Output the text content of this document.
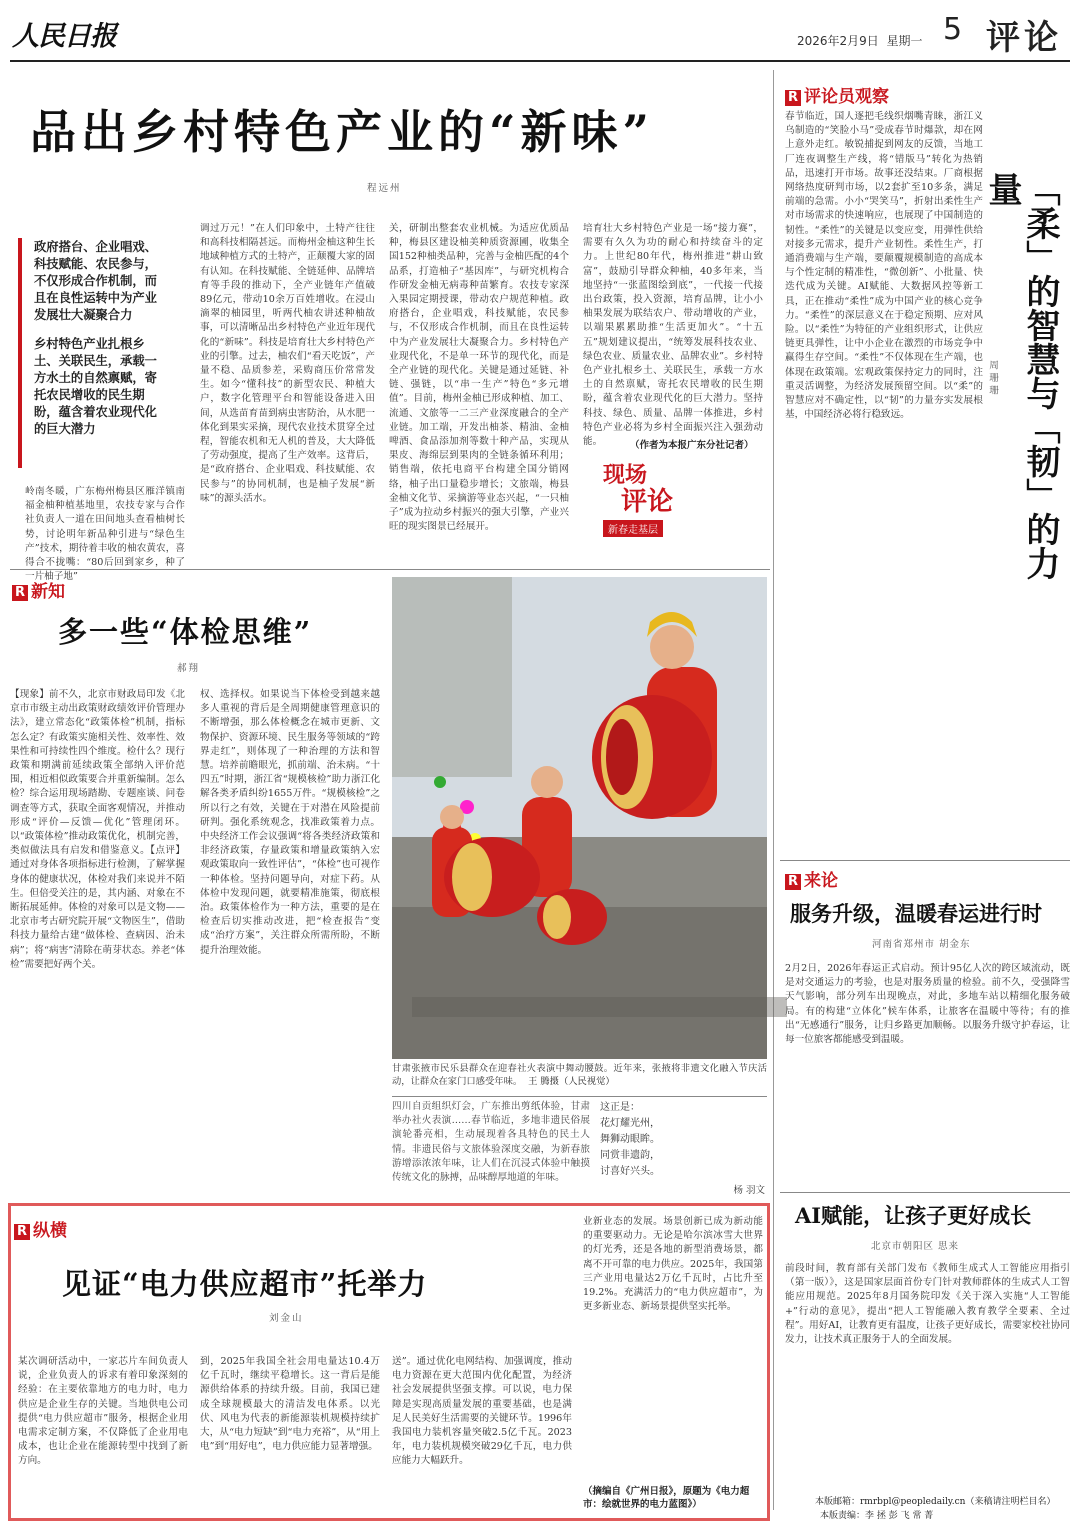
人民日报	2026年2月9日 星期一 5 评论
品出乡村特色产业的“新味”
程远州
政府搭台、企业唱戏、科技赋能、农民参与，不仅形成合作机制，而且在良性运转中为产业发展壮大凝聚合力
乡村特色产业扎根乡土、关联民生，承载一方水土的自然禀赋，寄托农民增收的民生期盼，蕴含着农业现代化的巨大潜力
岭南冬暖，广东梅州梅县区雁洋镇南福金柚种植基地里，农技专家与合作社负责人一道在田间地头查看柚树长势，讨论明年新品种引进与“绿色生产”技术，期待着丰收的柚农黄农，喜得合不拢嘴：“80后回到家乡，种了一片柚子地”
调过万元！”在人们印象中，土特产往往和高科技相隔甚远。而梅州金柚这种生长地域种植方式的土特产，正颠覆大家的固有认知。在科技赋能、全链延伸、品牌培育等手段的推动下，全产业链年产值破89亿元，带动10余万百姓增收。在浸山滴翠的柚园里，听两代柚农讲述种柚故事，可以清晰品出乡村特色产业近年现代化的“新味”。科技是培育壮大乡村特色产业的引擎。过去，柚农们“看天吃饭”，产量不稳、品质参差，采购商压价常常发生。如今“懂科技”的新型农民、种植大户，数字化管理平台和智能设备进入田间，从选苗育苗到病虫害防治，从水肥一体化到果实采摘，现代农业技术贯穿全过程，智能农机和无人机的普及，大大降低了劳动强度，提高了生产效率。这背后，是“政府搭台、企业唱戏、科技赋能、农民参与”的协同机制，也是柚子发展“新味”的源头活水。
关，研制出整套农业机械。为适应优质品种，梅县区建设柚美种质资源圃，收集全国152种柚类品种，完善与金柚匹配的4个品系，打造柚子“基因库”，与研究机构合作研发金柚无病毒种苗繁育。农技专家深入果园定期授课，带动农户规范种植。政府搭台，企业唱戏，科技赋能，农民参与，不仅形成合作机制，而且在良性运转中为产业发展壮大凝聚合力。乡村特色产业现代化，不是单一环节的现代化，而是全产业链的现代化。关键是通过延链、补链、强链，以“串一生产”特色“多元增值”。目前，梅州金柚已形成种植、加工、流通、文旅等一二三产业深度融合的全产业链。加工端，开发出柚茶、精油、金柚啤酒、食品添加剂等数十种产品，实现从果皮、海绵层到果肉的全链条循环利用；销售端，依托电商平台构建全国分销网络，柚子出口量稳步增长；文旅端，梅县金柚文化节、采摘游等业态兴起，“一只柚子”成为拉动乡村振兴的强大引擎，产业兴旺的现实图景已经展开。
培育壮大乡村特色产业是一场“接力赛”，需要有久久为功的耐心和持续奋斗的定力。上世纪80年代，梅州推进“耕山致富”，鼓励引导群众种柚，40多年来，当地坚持“一张蓝图绘到底”，一代接一代接出台政策，投入资源，培育品牌，让小小柚果发展为联结农户、带动增收的产业，以端果累累助推“生活更加火”。“十五五”规划建议提出，“统筹发展科技农业、绿色农业、质量农业、品牌农业”。乡村特色产业扎根乡土、关联民生，承载一方水土的自然禀赋，寄托农民增收的民生期盼，蕴含着农业现代化的巨大潜力。坚持科技、绿色、质量、品牌一体推进，乡村特色产业必将为乡村全面振兴注入强劲动能。	（作者为本报广东分社记者）
现场
评论
新春走基层
R 评论员观察
春节临近，国人逐把毛线织烟嘴青睐，浙江义乌制造的“笑脸小马”受成春节时爆款，却在网上意外走红。敏锐捕捉到网友的反馈，当地工厂连夜调整生产线，将“错版马”转化为热销品，迅速打开市场。故事还没结束。厂商根据网络热度研判市场，以2套扩至10多条，满足前端的急需。小小“哭笑马”，折射出柔性生产对市场需求的快速响应，也展现了中国制造的韧性。“柔性”的关键是以变应变，用弹性供给对接多元需求，提升产业韧性。柔性生产，打通消费端与生产端，要颠覆规模制造的高成本与个性定制的精准性，“微创新”、小批量、快迭代成为关键。AI赋能、大数据风控等新工具，正在推动“柔性”成为中国产业的核心竞争力。“柔性”的深层意义在于稳定预期、应对风险。以“柔性”为特征的产业组织形式，让供应链更具弹性，让中小企业在激烈的市场竞争中赢得生存空间。“柔性”不仅体现在生产端，也体现在政策端。宏观政策保持定力的同时，注重灵活调整，为经济发展预留空间。以“柔”的智慧应对不确定性，以“韧”的力量夯实发展根基，中国经济必将行稳致远。	「柔」的智慧与「韧」的力量
周珊珊
R 新知
多一些“体检思维”
郝翔
【现象】前不久，北京市财政局印发《北京市市级主动出政策财政绩效评价管理办法》，建立常态化“政策体检”机制，指标怎么定？有政策实施相关性、效率性、效果性和可持续性四个维度。检什么？现行政策和期满前延续政策全部纳入评价范围，相近相似政策要合并重新编制。怎么检？综合运用现场踏勘、专题座谈、问卷调查等方式，获取全面客观情况，并推动形成“评价—反馈—优化”管理闭环。以“政策体检”推动政策优化，机制完善，类似做法具有启发和借鉴意义。【点评】通过对身体各项指标进行检测，了解掌握身体的健康状况，体检对我们来说并不陌生。但倍受关注的是，其内涵、对象在不断拓展延伸。体检的对象可以是文物——北京市考古研究院开展“文物医生”，借助科技力量给古建“做体检、查病因、治未病”；将“病害”清除在萌芽状态。养老“体检”需要把好两个关。
权、选择权。如果说当下体检受到越来越多人重视的背后是全周期健康管理意识的不断增强，那么体检概念在城市更新、文物保护、资源环境、民生服务等领域的“跨界走红”，则体现了一种治理的方法和智慧。培养前瞻眼光，抓前端、治未病。“十四五”时期，浙江省“规模核检”助力浙江化解各类矛盾纠纷1655万件。“规模核检”之所以行之有效，关键在于对潜在风险提前研判。强化系统观念，找准政策着力点。中央经济工作会议强调“将各类经济政策和非经济政策，存量政策和增量政策纳入宏观政策取向一致性评估”，“体检”也可视作一种体检。坚持问题导向，对症下药。从体检中发现问题，就要精准施策，彻底根治。政策体检作为一种方法，重要的是在检查后切实推动改进，把“检查报告”变成“治疗方案”，关注群众所需所盼，不断提升治理效能。
甘肃张掖市民乐县群众在迎春社火表演中舞动腰鼓。近年来，张掖将非遗文化融入节庆活动，让群众在家门口感受年味。 王 腾摄（人民视觉）
四川自贡组织灯会，广东推出剪纸体验，甘肃举办社火表演……春节临近，多地非遗民俗展演轮番亮相，生动展现着各具特色的民土人情。非遗民俗与文旅体验深度交融，为新春旅游增添浓浓年味，让人们在沉浸式体验中触摸传统文化的脉搏，品味醇厚地道的年味。
这正是：
花灯耀光州，
舞狮动眼眸。
同赏非遗韵，
讨喜好兴头。
杨 羽文
R 纵横
见证“电力供应超市”托举力
刘金山
某次调研活动中，一家芯片车间负责人说，企业负责人的诉求有着印象深刻的经验：在主要依靠地方的电力时，电力供应是企业生存的关键。当地供电公司提供“电力供应超市”服务，根据企业用电需求定制方案，不仅降低了企业用电成本，也让企业在能源转型中找到了新方向。
到，2025年我国全社会用电量达10.4万亿千瓦时，继续平稳增长。这一背后是能源供给体系的持续升级。目前，我国已建成全球规模最大的清洁发电体系。以光伏、风电为代表的新能源装机规模持续扩大，从“电力短缺”到“电力充裕”，从“用上电”到“用好电”，电力供应能力显著增强。
送”。通过优化电网结构、加强调度，推动电力资源在更大范围内优化配置，为经济社会发展提供坚强支撑。可以说，电力保障是实现高质量发展的重要基础，也是满足人民美好生活需要的关键环节。1996年我国电力装机容量突破2.5亿千瓦。2023年，电力装机规模突破29亿千瓦，电力供应能力大幅跃升。
业新业态的发展。场景创新已成为新动能的重要驱动力。无论是哈尔滨冰雪大世界的灯光秀，还是各地的新型消费场景，都离不开可靠的电力供应。2025年，我国第三产业用电量达2万亿千瓦时，占比升至19.2%。充满活力的“电力供应超市”，为更多新业态、新场景提供坚实托举。
（摘编自《广州日报》，原题为《电力超市：绘就世界的电力蓝图》）
R 来论
服务升级，温暖春运进行时
河南省郑州市 胡金东
2月2日，2026年春运正式启动。预计95亿人次的跨区域流动，既是对交通运力的考验，也是对服务质量的检验。前不久，受强降雪天气影响，部分列车出现晚点，对此，多地车站以精细化服务破局。有的构建“立体化”候车体系，让旅客在温暖中等待；有的推出“无感通行”服务，让归乡路更加顺畅。以服务升级守护春运，让每一位旅客都能感受到温暖。
AI赋能，让孩子更好成长
北京市朝阳区 思来
前段时间，教育部有关部门发布《教师生成式人工智能应用指引（第一版）》，这是国家层面首份专门针对教师群体的生成式人工智能应用规范。2025年8月国务院印发《关于深入实施“人工智能+”行动的意见》，提出“把人工智能融入教育教学全要素、全过程”。用好AI，让教育更有温度，让孩子更好成长，需要家校社协同发力，让技术真正服务于人的全面发展。
本版邮箱：rmrbpl@peopledaily.cn（来稿请注明栏目名）
本版责编：李 拯 彭 飞 常 菁
